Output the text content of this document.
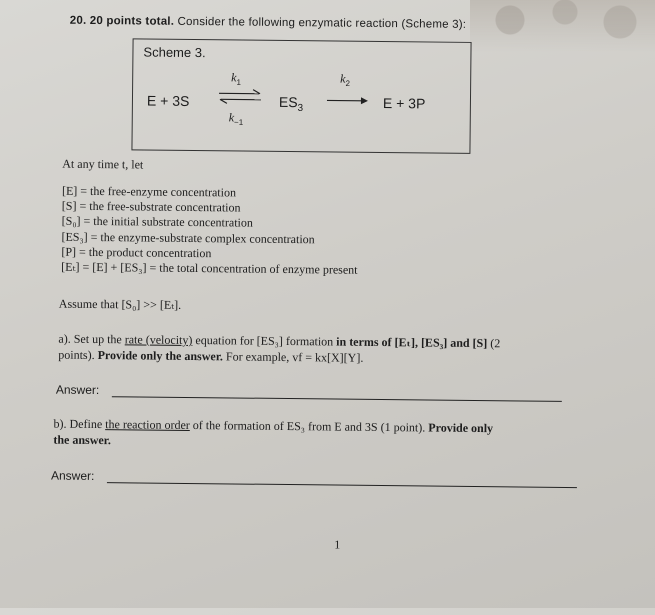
20. 20 points total. Consider the following enzymatic reaction (Scheme 3):
Scheme 3.
E + 3S
$k_1$
$k_{-1}$
$ES_3$
$k_2$
E + 3P
At any time t, let
[E] = the free-enzyme concentration
[S] = the free-substrate concentration
[S₀] = the initial substrate concentration
[ES₃] = the enzyme-substrate complex concentration
[P] = the product concentration
[Eₜ] = [E] + [ES₃] = the total concentration of enzyme present
Assume that [S₀] >> [Eₜ].
a). Set up the rate (velocity) equation for [ES₃] formation in terms of [Eₜ], [ES₃] and [S] (2
points). Provide only the answer. For example, vf = kx[X][Y].
Answer:
b). Define the reaction order of the formation of ES₃ from E and 3S (1 point). Provide only
the answer.
Answer:
1
